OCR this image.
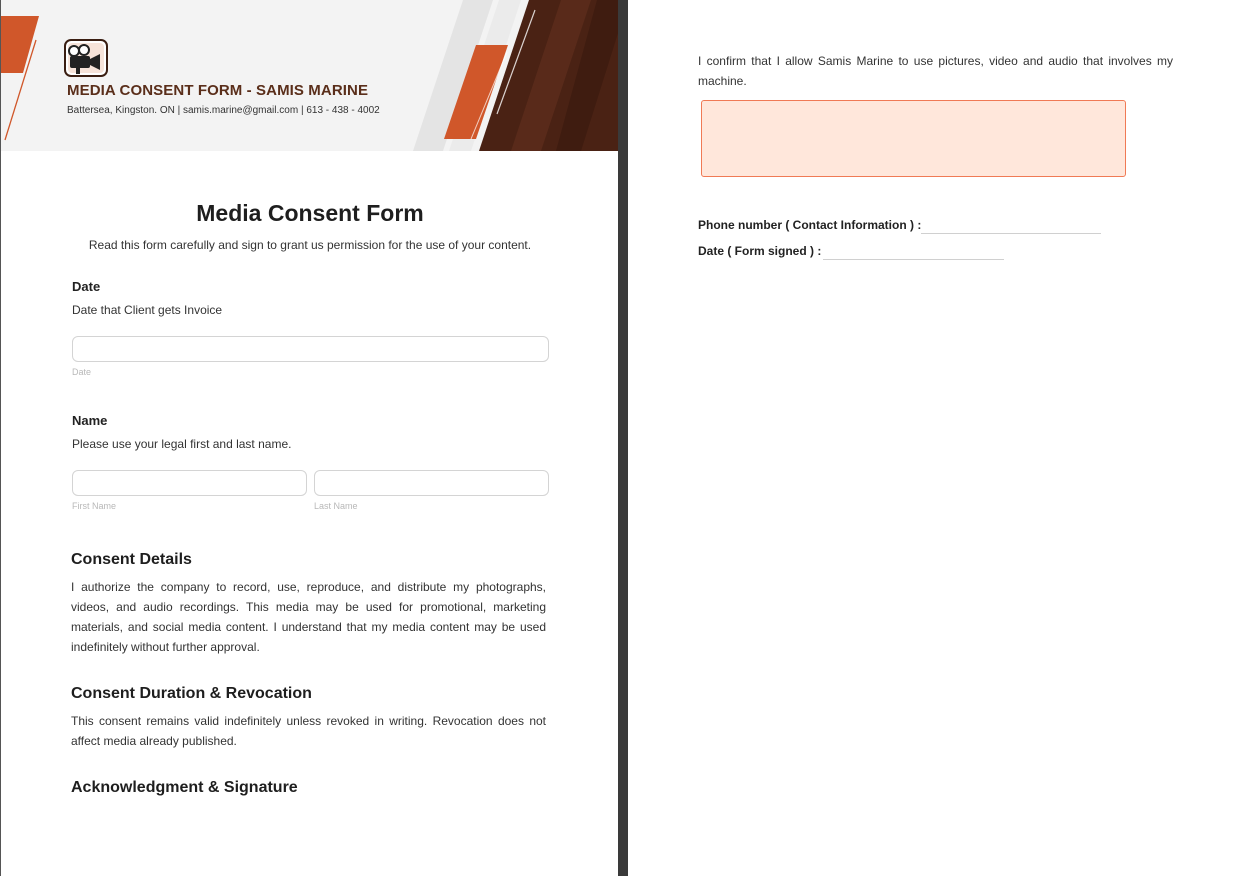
MEDIA CONSENT FORM - SAMIS MARINE
Battersea, Kingston. ON | samis.marine@gmail.com | 613 - 438 - 4002
Media Consent Form
Read this form carefully and sign to grant us permission for the use of your content.
Date
Date that Client gets Invoice
Date
Name
Please use your legal first and last name.
First Name	Last Name
Consent Details
I authorize the company to record, use, reproduce, and distribute my photographs, videos, and audio recordings. This media may be used for promotional, marketing materials, and social media content. I understand that my media content may be used indefinitely without further approval.
Consent Duration & Revocation
This consent remains valid indefinitely unless revoked in writing. Revocation does not affect media already published.
Acknowledgment & Signature
I confirm that I allow Samis Marine to use pictures, video and audio that involves my machine.
Phone number ( Contact Information ) :
Date ( Form signed ) :
